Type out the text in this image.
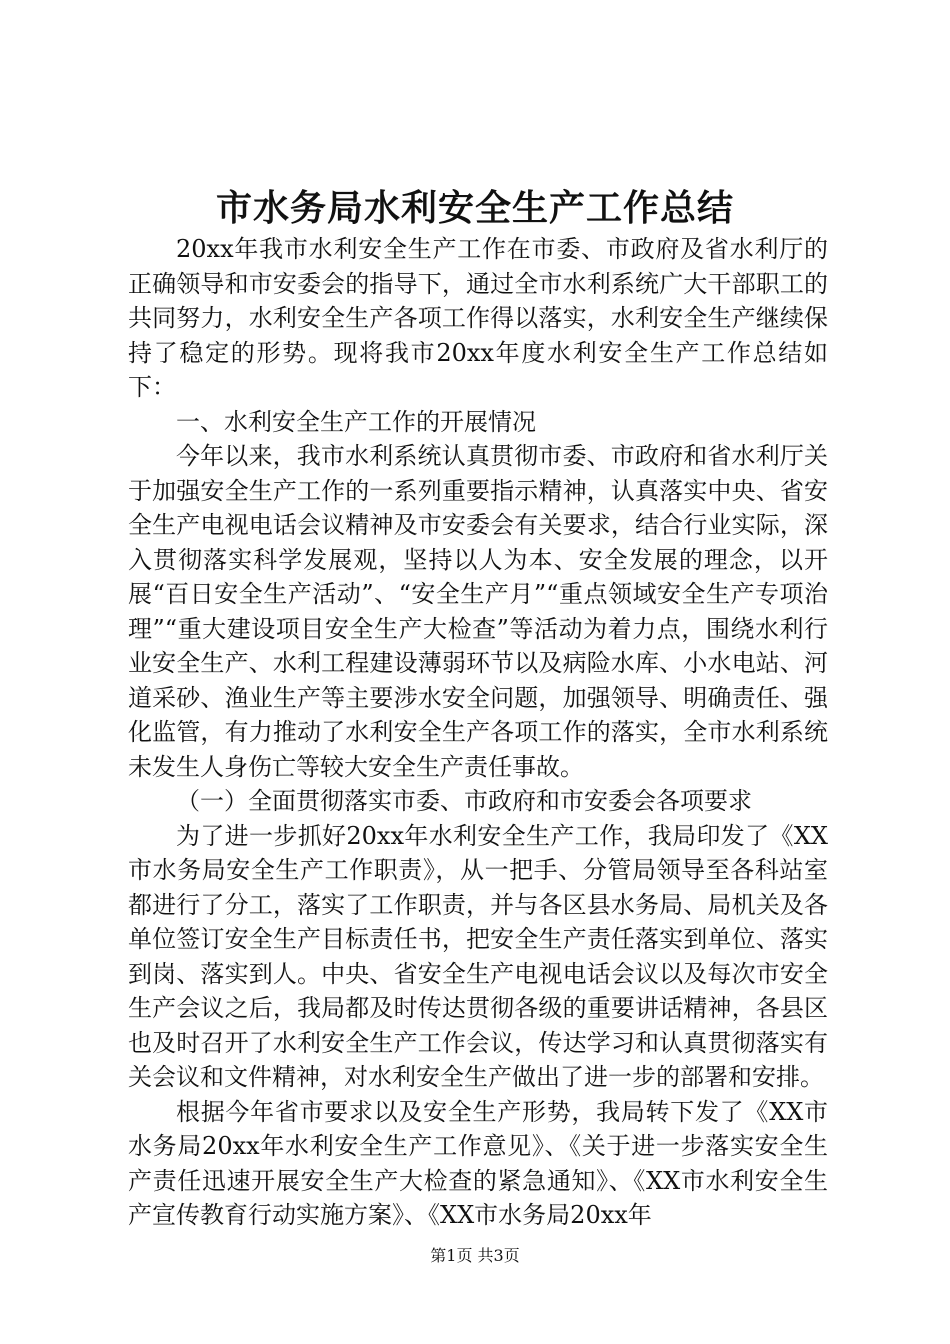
市水务局水利安全生产工作总结

20xx年我市水利安全生产工作在市委、市政府及省水利厅的正确领导和市安委会的指导下，通过全市水利系统广大干部职工的共同努力，水利安全生产各项工作得以落实，水利安全生产继续保持了稳定的形势。现将我市20xx年度水利安全生产工作总结如下：

一、水利安全生产工作的开展情况

今年以来，我市水利系统认真贯彻市委、市政府和省水利厅关于加强安全生产工作的一系列重要指示精神，认真落实中央、省安全生产电视电话会议精神及市安委会有关要求，结合行业实际，深入贯彻落实科学发展观，坚持以人为本、安全发展的理念，以开展“百日安全生产活动”、“安全生产月”“重点领域安全生产专项治理”“重大建设项目安全生产大检查”等活动为着力点，围绕水利行业安全生产、水利工程建设薄弱环节以及病险水库、小水电站、河道采砂、渔业生产等主要涉水安全问题，加强领导、明确责任、强化监管，有力推动了水利安全生产各项工作的落实，全市水利系统未发生人身伤亡等较大安全生产责任事故。

（一）全面贯彻落实市委、市政府和市安委会各项要求

为了进一步抓好20xx年水利安全生产工作，我局印发了《XX市水务局安全生产工作职责》，从一把手、分管局领导至各科站室都进行了分工，落实了工作职责，并与各区县水务局、局机关及各单位签订安全生产目标责任书，把安全生产责任落实到单位、落实到岗、落实到人。中央、省安全生产电视电话会议以及每次市安全生产会议之后，我局都及时传达贯彻各级的重要讲话精神，各县区也及时召开了水利安全生产工作会议，传达学习和认真贯彻落实有关会议和文件精神，对水利安全生产做出了进一步的部署和安排。

根据今年省市要求以及安全生产形势，我局转下发了《XX市水务局20xx年水利安全生产工作意见》、《关于进一步落实安全生产责任迅速开展安全生产大检查的紧急通知》、《XX市水利安全生产宣传教育行动实施方案》、《XX市水务局20xx年

第1页 共3页
